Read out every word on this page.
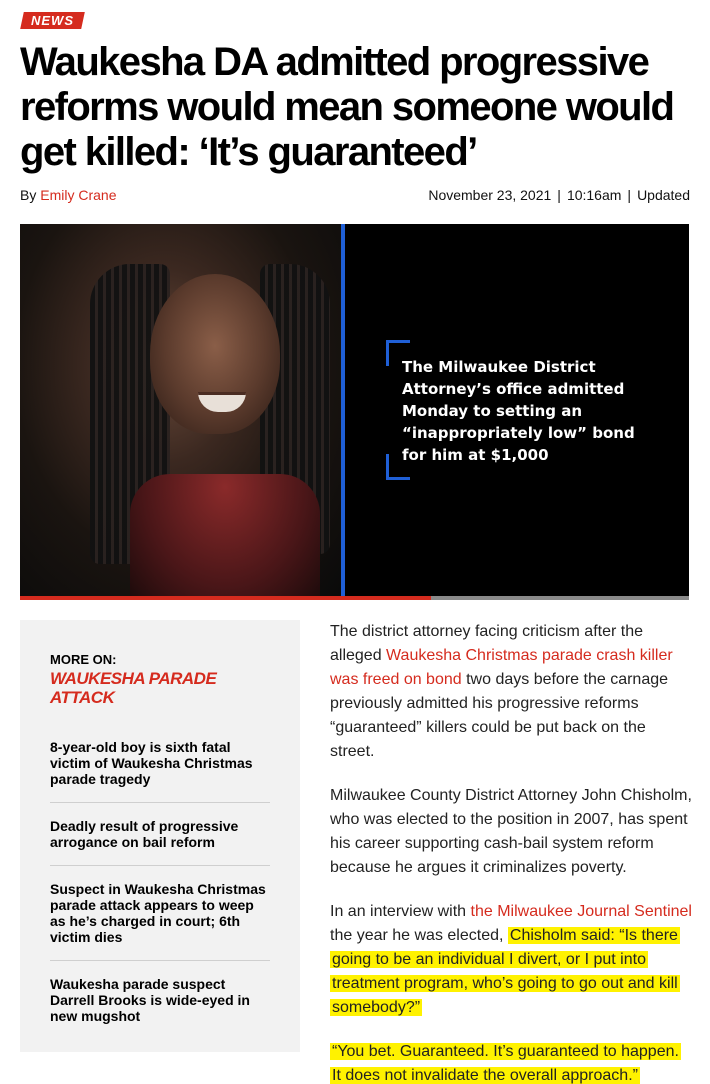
NEWS
Waukesha DA admitted progressive reforms would mean someone would get killed: ‘It’s guaranteed’
By Emily Crane	November 23, 2021 | 10:16am | Updated
The Milwaukee District Attorney’s office admitted Monday to setting an “inappropriately low” bond for him at $1,000
MORE ON:
WAUKESHA PARADE ATTACK
8-year-old boy is sixth fatal victim of Waukesha Christmas parade tragedy
Deadly result of progressive arrogance on bail reform
Suspect in Waukesha Christmas parade attack appears to weep as he’s charged in court; 6th victim dies
Waukesha parade suspect Darrell Brooks is wide-eyed in new mugshot

The district attorney facing criticism after the alleged Waukesha Christmas parade crash killer was freed on bond two days before the carnage previously admitted his progressive reforms “guaranteed” killers could be put back on the street.

Milwaukee County District Attorney John Chisholm, who was elected to the position in 2007, has spent his career supporting cash-bail system reform because he argues it criminalizes poverty.

In an interview with the Milwaukee Journal Sentinel the year he was elected, Chisholm said: “Is there going to be an individual I divert, or I put into treatment program, who’s going to go out and kill somebody?”

“You bet. Guaranteed. It’s guaranteed to happen. It does not invalidate the overall approach.”
